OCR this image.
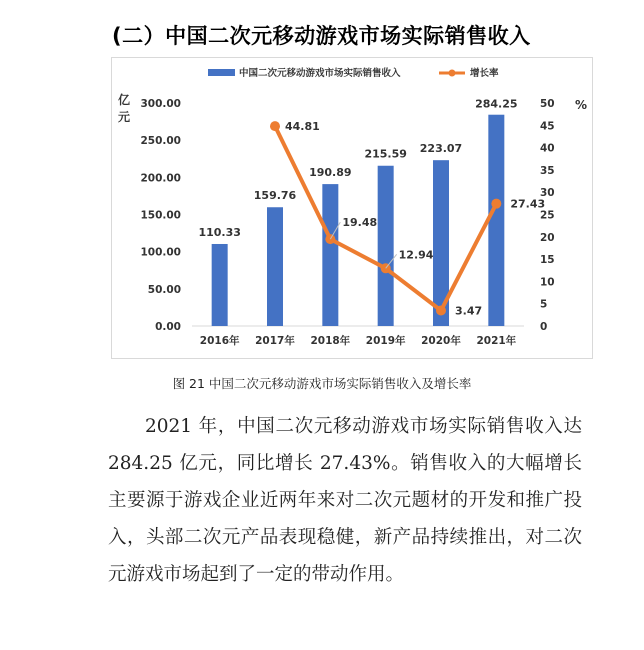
(二）中国二次元移动游戏市场实际销售收入
0.00
50.00
100.00
150.00
200.00
250.00
300.00
0
5
10
15
20
25
30
35
40
45
50
亿
元
%
2016年 2017年 2018年 2019年 2020年 2021年
110.33
159.76
190.89
215.59 223.07
284.25
44.81
19.48
12.94
3.47
27.43
中国二次元移动游戏市场实际销售收入	增长率
图 21 中国二次元移动游戏市场实际销售收入及增长率

2021 年，中国二次元移动游戏市场实际销售收入达 284.25 亿元，同比增长 27.43%。销售收入的大幅增长主要源于游戏企业近两年来对二次元题材的开发和推广投入，头部二次元产品表现稳健，新产品持续推出，对二次元游戏市场起到了一定的带动作用。
